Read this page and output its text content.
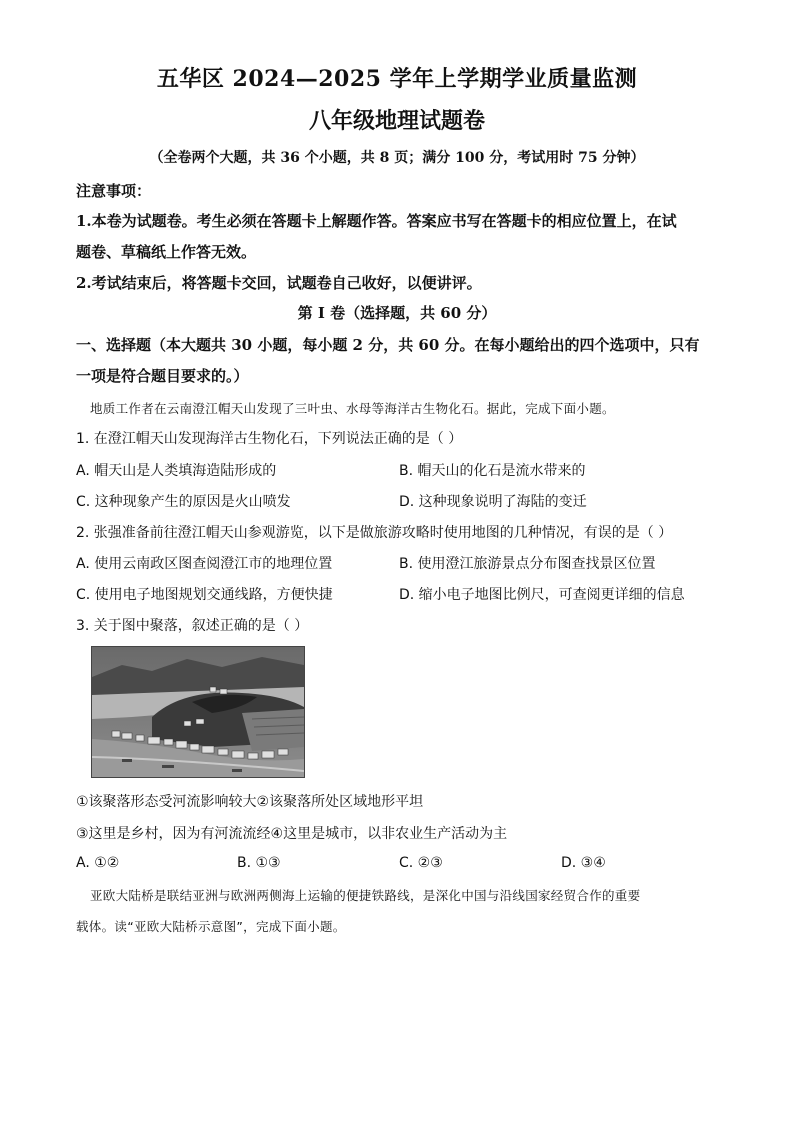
五华区 2024—2025 学年上学期学业质量监测
八年级地理试题卷
（全卷两个大题，共 36 个小题，共 8 页；满分 100 分，考试用时 75 分钟）
注意事项：
1.本卷为试题卷。考生必须在答题卡上解题作答。答案应书写在答题卡的相应位置上，在试
题卷、草稿纸上作答无效。
2.考试结束后，将答题卡交回，试题卷自己收好，以便讲评。
第 I 卷（选择题，共 60 分）
一、选择题（本大题共 30 小题，每小题 2 分，共 60 分。在每小题给出的四个选项中，只有
一项是符合题目要求的。）
地质工作者在云南澄江帽天山发现了三叶虫、水母等海洋古生物化石。据此，完成下面小题。
1. 在澄江帽天山发现海洋古生物化石，下列说法正确的是（ ）
A. 帽天山是人类填海造陆形成的	B. 帽天山的化石是流水带来的
C. 这种现象产生的原因是火山喷发	D. 这种现象说明了海陆的变迁
2. 张强准备前往澄江帽天山参观游览，以下是做旅游攻略时使用地图的几种情况，有误的是（ ）
A. 使用云南政区图查阅澄江市的地理位置	B. 使用澄江旅游景点分布图查找景区位置
C. 使用电子地图规划交通线路，方便快捷	D. 缩小电子地图比例尺，可查阅更详细的信息
3. 关于图中聚落，叙述正确的是（ ）
①该聚落形态受河流影响较大②该聚落所处区域地形平坦
③这里是乡村，因为有河流流经④这里是城市，以非农业生产活动为主
A. ①②	B. ①③	C. ②③	D. ③④
亚欧大陆桥是联结亚洲与欧洲两侧海上运输的便捷铁路线，是深化中国与沿线国家经贸合作的重要
载体。读“亚欧大陆桥示意图”，完成下面小题。
